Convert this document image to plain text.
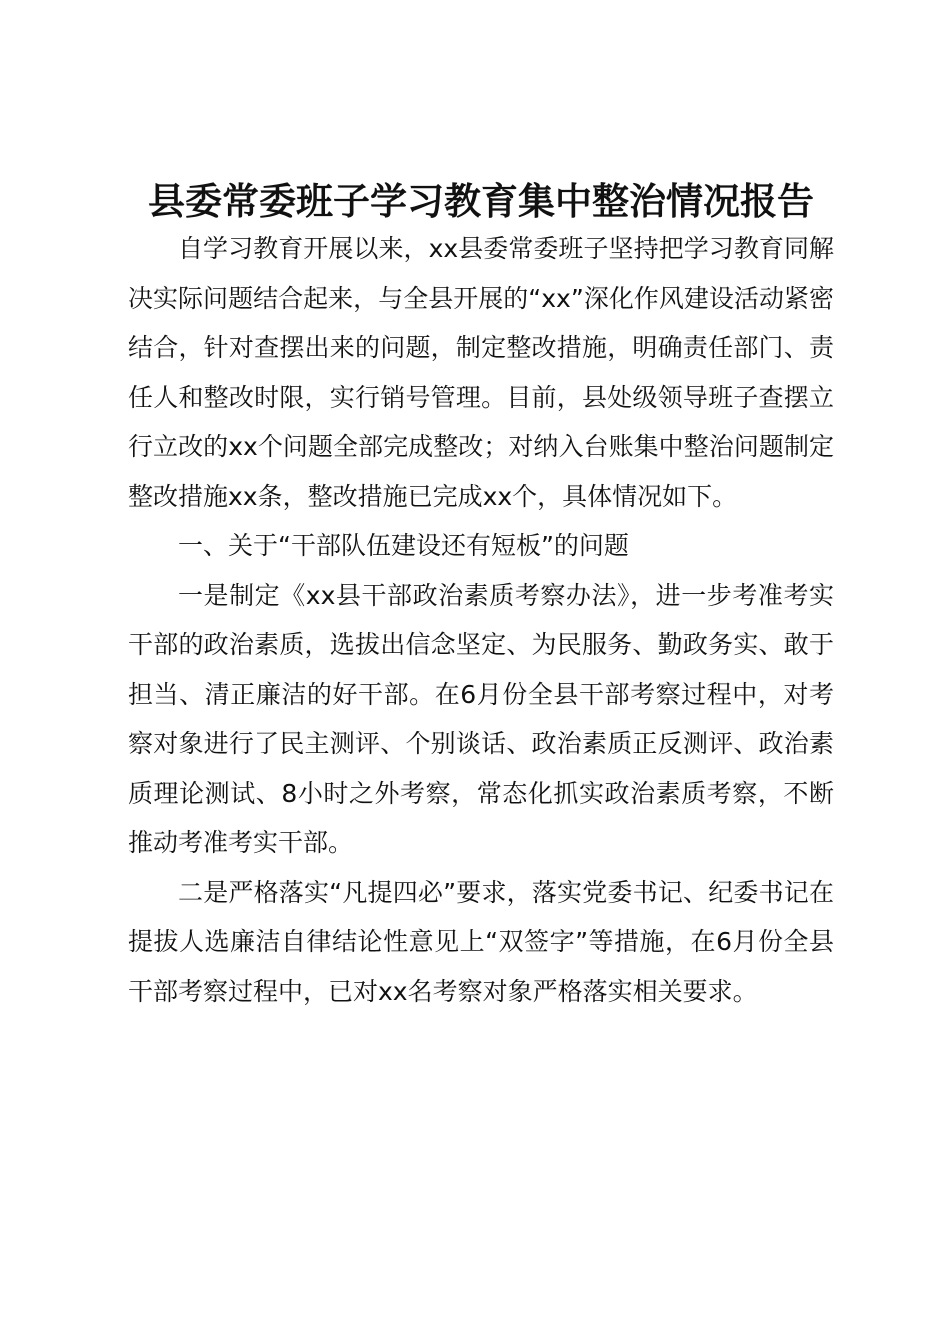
县委常委班子学习教育集中整治情况报告

自学习教育开展以来，xx县委常委班子坚持把学习教育同解决实际问题结合起来，与全县开展的“xx”深化作风建设活动紧密结合，针对查摆出来的问题，制定整改措施，明确责任部门、责任人和整改时限，实行销号管理。目前，县处级领导班子查摆立行立改的xx个问题全部完成整改；对纳入台账集中整治问题制定整改措施xx条，整改措施已完成xx个，具体情况如下。

一、关于“干部队伍建设还有短板”的问题

一是制定《xx县干部政治素质考察办法》，进一步考准考实干部的政治素质，选拔出信念坚定、为民服务、勤政务实、敢于担当、清正廉洁的好干部。在6月份全县干部考察过程中，对考察对象进行了民主测评、个别谈话、政治素质正反测评、政治素质理论测试、8小时之外考察，常态化抓实政治素质考察，不断推动考准考实干部。

二是严格落实“凡提四必”要求，落实党委书记、纪委书记在提拔人选廉洁自律结论性意见上“双签字”等措施，在6月份全县干部考察过程中，已对xx名考察对象严格落实相关要求。
